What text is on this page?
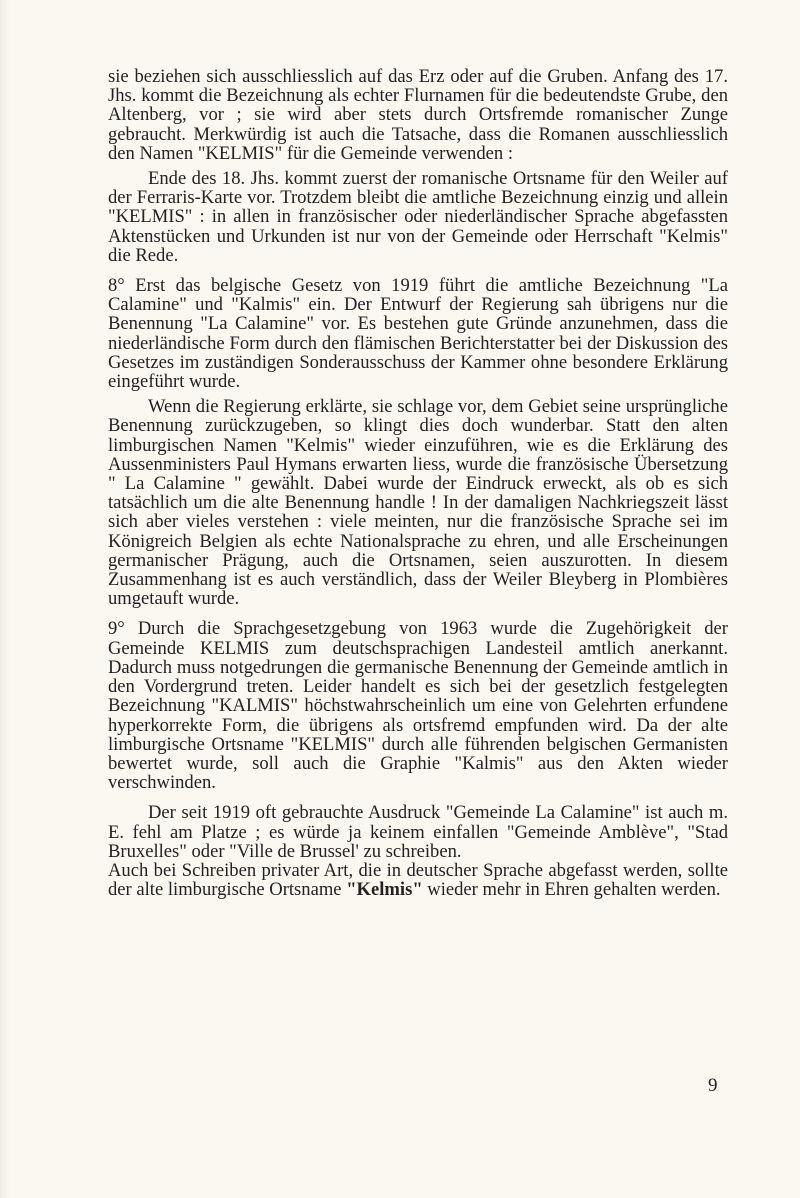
sie beziehen sich ausschliesslich auf das Erz oder auf die Gruben. Anfang des 17. Jhs. kommt die Bezeichnung als echter Flurnamen für die bedeutendste Grube, den Altenberg, vor ; sie wird aber stets durch Ortsfremde romanischer Zunge gebraucht. Merkwürdig ist auch die Tatsache, dass die Romanen ausschliesslich den Namen "KELMIS" für die Gemeinde verwenden :

Ende des 18. Jhs. kommt zuerst der romanische Ortsname für den Weiler auf der Ferraris-Karte vor. Trotzdem bleibt die amtliche Bezeichnung einzig und allein "KELMIS" : in allen in französischer oder niederländischer Sprache abgefassten Aktenstücken und Urkunden ist nur von der Gemeinde oder Herrschaft "Kelmis" die Rede.

8° Erst das belgische Gesetz von 1919 führt die amtliche Bezeichnung "La Calamine" und "Kalmis" ein. Der Entwurf der Regierung sah übrigens nur die Benennung "La Calamine" vor. Es bestehen gute Gründe anzunehmen, dass die niederländische Form durch den flämischen Berichterstatter bei der Diskussion des Gesetzes im zuständigen Sonderausschuss der Kammer ohne besondere Erklärung eingeführt wurde.

Wenn die Regierung erklärte, sie schlage vor, dem Gebiet seine ursprüngliche Benennung zurückzugeben, so klingt dies doch wunderbar. Statt den alten limburgischen Namen "Kelmis" wieder einzuführen, wie es die Erklärung des Aussenministers Paul Hymans erwarten liess, wurde die französische Übersetzung " La Calamine " gewählt. Dabei wurde der Eindruck erweckt, als ob es sich tatsächlich um die alte Benennung handle ! In der damaligen Nachkriegszeit lässt sich aber vieles verstehen : viele meinten, nur die französische Sprache sei im Königreich Belgien als echte Nationalsprache zu ehren, und alle Erscheinungen germanischer Prägung, auch die Ortsnamen, seien auszurotten. In diesem Zusammenhang ist es auch verständlich, dass der Weiler Bleyberg in Plombières umgetauft wurde.

9° Durch die Sprachgesetzgebung von 1963 wurde die Zugehörigkeit der Gemeinde KELMIS zum deutschsprachigen Landesteil amtlich anerkannt. Dadurch muss notgedrungen die germanische Benennung der Gemeinde amtlich in den Vordergrund treten. Leider handelt es sich bei der gesetzlich festgelegten Bezeichnung "KALMIS" höchstwahrscheinlich um eine von Gelehrten erfundene hyperkorrekte Form, die übrigens als ortsfremd empfunden wird. Da der alte limburgische Ortsname "KELMIS" durch alle führenden belgischen Germanisten bewertet wurde, soll auch die Graphie "Kalmis" aus den Akten wieder verschwinden.

Der seit 1919 oft gebrauchte Ausdruck "Gemeinde La Calamine" ist auch m. E. fehl am Platze ; es würde ja keinem einfallen "Gemeinde Amblève", "Stad Bruxelles" oder "Ville de Brussel' zu schreiben.

Auch bei Schreiben privater Art, die in deutscher Sprache abgefasst werden, sollte der alte limburgische Ortsname "Kelmis" wieder mehr in Ehren gehalten werden.

9
